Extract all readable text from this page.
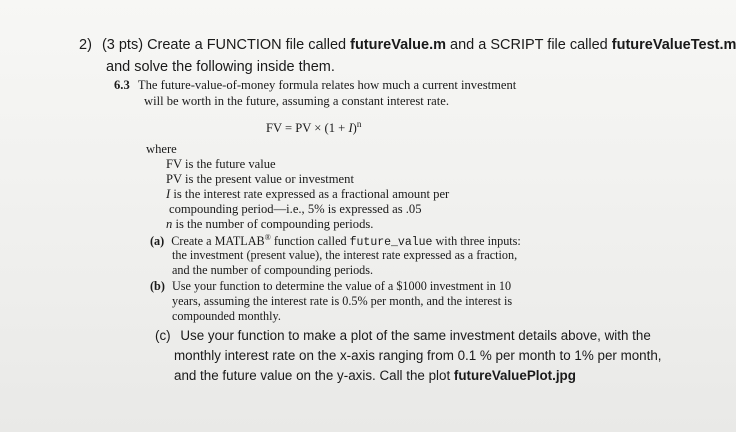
2) (3 pts) Create a FUNCTION file called futureValue.m and a SCRIPT file called futureValueTest.m
and solve the following inside them.
6.3 The future-value-of-money formula relates how much a current investment
will be worth in the future, assuming a constant interest rate.
FV = PV × $(1 + I)^n$
where
FV is the future value
PV is the present value or investment
I is the interest rate expressed as a fractional amount per
compounding period—i.e., 5% is expressed as .05
n is the number of compounding periods.
(a) Create a MATLAB® function called future_value with three inputs:
the investment (present value), the interest rate expressed as a fraction,
and the number of compounding periods.
(b) Use your function to determine the value of a $1000 investment in 10
years, assuming the interest rate is 0.5% per month, and the interest is
compounded monthly.
(c) Use your function to make a plot of the same investment details above, with the
monthly interest rate on the x-axis ranging from 0.1 % per month to 1% per month,
and the future value on the y-axis. Call the plot futureValuePlot.jpg
